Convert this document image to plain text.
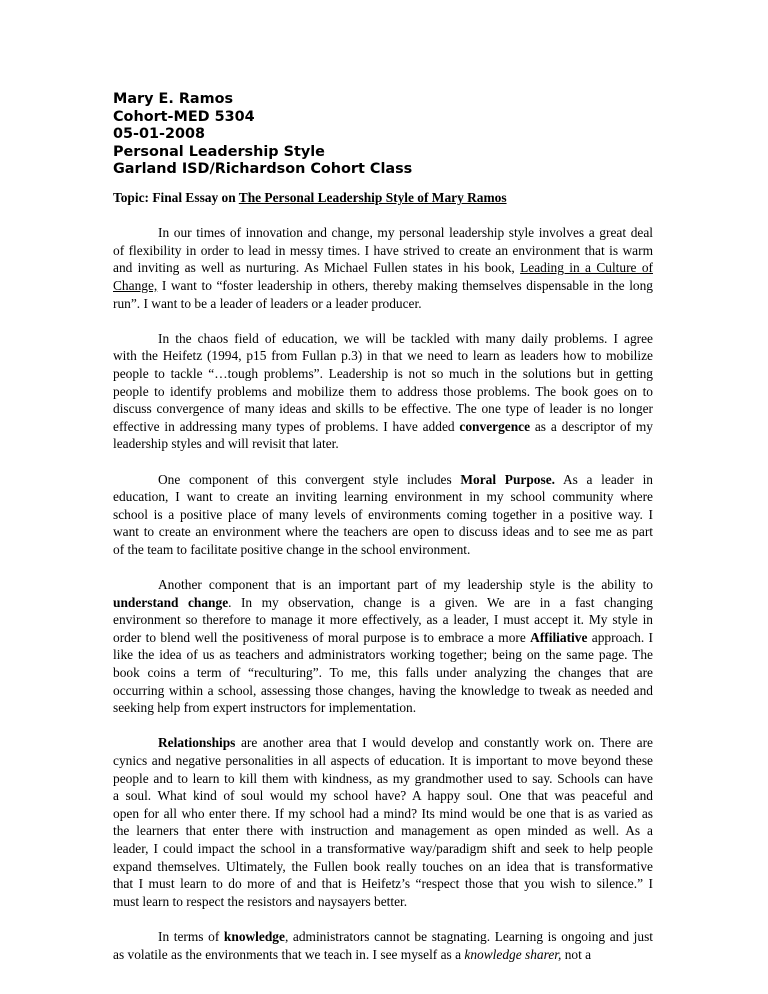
Mary E. Ramos
Cohort-MED 5304
05-01-2008
Personal Leadership Style
Garland ISD/Richardson Cohort Class
Topic: Final Essay on The Personal Leadership Style of Mary Ramos
In our times of innovation and change, my personal leadership style involves a great deal
of flexibility in order to lead in messy times. I have strived to create an environment that is warm
and inviting as well as nurturing. As Michael Fullen states in his book, Leading in a Culture of
Change, I want to “foster leadership in others, thereby making themselves dispensable in the long
run”. I want to be a leader of leaders or a leader producer.
In the chaos field of education, we will be tackled with many daily problems. I agree
with the Heifetz (1994, p15 from Fullan p.3) in that we need to learn as leaders how to mobilize
people to tackle “…tough problems”. Leadership is not so much in the solutions but in getting
people to identify problems and mobilize them to address those problems. The book goes on to
discuss convergence of many ideas and skills to be effective. The one type of leader is no longer
effective in addressing many types of problems. I have added convergence as a descriptor of my
leadership styles and will revisit that later.
One component of this convergent style includes Moral Purpose. As a leader in
education, I want to create an inviting learning environment in my school community where
school is a positive place of many levels of environments coming together in a positive way. I
want to create an environment where the teachers are open to discuss ideas and to see me as part
of the team to facilitate positive change in the school environment.
Another component that is an important part of my leadership style is the ability to
understand change. In my observation, change is a given. We are in a fast changing
environment so therefore to manage it more effectively, as a leader, I must accept it. My style in
order to blend well the positiveness of moral purpose is to embrace a more Affiliative approach. I
like the idea of us as teachers and administrators working together; being on the same page. The
book coins a term of “reculturing”. To me, this falls under analyzing the changes that are
occurring within a school, assessing those changes, having the knowledge to tweak as needed and
seeking help from expert instructors for implementation.
Relationships are another area that I would develop and constantly work on. There are
cynics and negative personalities in all aspects of education. It is important to move beyond these
people and to learn to kill them with kindness, as my grandmother used to say. Schools can have
a soul. What kind of soul would my school have? A happy soul. One that was peaceful and
open for all who enter there. If my school had a mind? Its mind would be one that is as varied as
the learners that enter there with instruction and management as open minded as well. As a
leader, I could impact the school in a transformative way/paradigm shift and seek to help people
expand themselves. Ultimately, the Fullen book really touches on an idea that is transformative
that I must learn to do more of and that is Heifetz’s “respect those that you wish to silence.” I
must learn to respect the resistors and naysayers better.
In terms of knowledge, administrators cannot be stagnating. Learning is ongoing and just
as volatile as the environments that we teach in. I see myself as a knowledge sharer, not a
